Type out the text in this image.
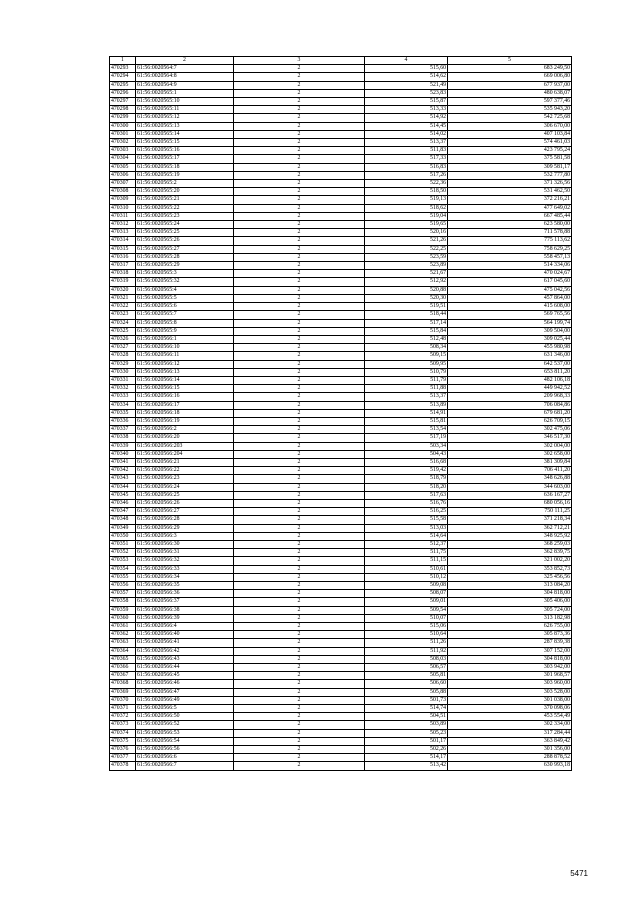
1	2	3	4	5
470293	61:56:0020564:7	2	515,60	683 249,50
470294	61:56:0020564:8	2	514,62	669 006,80
470295	61:56:0020564:9	2	521,49	677 937,00
470296	61:56:0020565:1	2	523,83	480 638,07
470297	61:56:0020565:10	2	515,87	597 377,46
470298	61:56:0020565:11	2	513,33	535 943,20
470299	61:56:0020565:12	2	514,92	542 725,68
470300	61:56:0020565:13	2	514,45	306 670,00
470301	61:56:0020565:14	2	514,02	407 103,84
470302	61:56:0020565:15	2	513,37	574 461,03
470303	61:56:0020565:16	2	511,83	423 795,24
470304	61:56:0020565:17	2	517,33	375 581,58
470305	61:56:0020565:18	2	516,83	309 581,17
470306	61:56:0020565:19	2	517,26	532 777,80
470307	61:56:0020565:2	2	522,36	371 326,56
470308	61:56:0020565:20	2	518,50	531 462,50
470309	61:56:0020565:21	2	519,13	372 216,21
470310	61:56:0020565:22	2	518,62	477 649,02
470311	61:56:0020565:23	2	519,04	667 485,44
470312	61:56:0020565:24	2	519,65	623 580,00
470313	61:56:0020565:25	2	520,16	711 578,88
470314	61:56:0020565:26	2	521,26	775 113,62
470315	61:56:0020565:27	2	522,25	758 629,25
470316	61:56:0020565:28	2	523,59	558 457,13
470317	61:56:0020565:29	2	523,89	514 334,06
470318	61:56:0020565:3	2	521,67	470 024,67
470319	61:56:0020565:32	2	512,92	617 045,60
470320	61:56:0020565:4	2	520,88	475 042,56
470321	61:56:0020565:5	2	520,30	457 864,00
470322	61:56:0020565:6	2	519,51	415 608,00
470323	61:56:0020565:7	2	518,44	569 765,56
470324	61:56:0020565:8	2	517,14	564 199,74
470325	61:56:0020565:9	2	515,84	309 504,00
470326	61:56:0020566:1	2	512,48	309 025,44
470327	61:56:0020566:10	2	508,34	455 980,98
470328	61:56:0020566:11	2	509,15	631 346,00
470329	61:56:0020566:12	2	509,95	642 537,00
470330	61:56:0020566:13	2	510,79	653 811,20
470331	61:56:0020566:14	2	511,79	482 106,18
470332	61:56:0020566:15	2	511,88	449 942,52
470333	61:56:0020566:16	2	513,37	209 968,33
470334	61:56:0020566:17	2	513,89	706 084,86
470335	61:56:0020566:18	2	514,91	679 681,20
470336	61:56:0020566:19	2	515,81	626 709,15
470337	61:56:0020566:2	2	513,54	302 475,06
470338	61:56:0020566:20	2	517,19	346 517,30
470339	61:56:0020566:203	2	503,34	302 004,00
470340	61:56:0020566:204	2	504,43	302 658,00
470341	61:56:0020566:21	2	516,68	381 309,84
470342	61:56:0020566:22	2	519,42	706 411,20
470343	61:56:0020566:23	2	518,79	348 626,88
470344	61:56:0020566:24	2	518,20	344 603,00
470345	61:56:0020566:25	2	517,63	636 167,27
470346	61:56:0020566:26	2	516,76	680 056,16
470347	61:56:0020566:27	2	516,25	750 111,25
470348	61:56:0020566:28	2	515,58	371 218,34
470349	61:56:0020566:29	2	513,03	362 712,21
470350	61:56:0020566:3	2	514,64	348 925,92
470351	61:56:0020566:30	2	512,37	368 259,03
470352	61:56:0020566:31	2	511,75	362 839,75
470353	61:56:0020566:32	2	511,15	321 002,20
470354	61:56:0020566:33	2	510,61	353 852,73
470355	61:56:0020566:34	2	510,12	325 456,56
470356	61:56:0020566:35	2	509,08	313 084,20
470357	61:56:0020566:36	2	508,07	304 818,00
470358	61:56:0020566:37	2	509,01	305 406,00
470359	61:56:0020566:38	2	509,54	305 724,00
470360	61:56:0020566:39	2	510,07	313 182,98
470361	61:56:0020566:4	2	515,06	626 755,00
470362	61:56:0020566:40	2	510,64	305 873,36
470363	61:56:0020566:41	2	511,26	287 839,38
470364	61:56:0020566:42	2	511,92	307 152,00
470365	61:56:0020566:43	2	508,03	304 818,00
470366	61:56:0020566:44	2	506,57	303 942,00
470367	61:56:0020566:45	2	505,81	301 968,57
470368	61:56:0020566:46	2	506,60	303 960,00
470369	61:56:0020566:47	2	505,88	303 528,00
470370	61:56:0020566:49	2	501,73	301 038,00
470371	61:56:0020566:5	2	514,74	370 098,06
470372	61:56:0020566:50	2	504,51	453 554,49
470373	61:56:0020566:52	2	503,89	302 334,00
470374	61:56:0020566:53	2	505,23	317 284,44
470375	61:56:0020566:54	2	501,17	363 849,42
470376	61:56:0020566:56	2	502,26	301 356,00
470377	61:56:0020566:6	2	514,17	288 878,52
470378	61:56:0020566:7	2	513,42	630 993,18
5471
